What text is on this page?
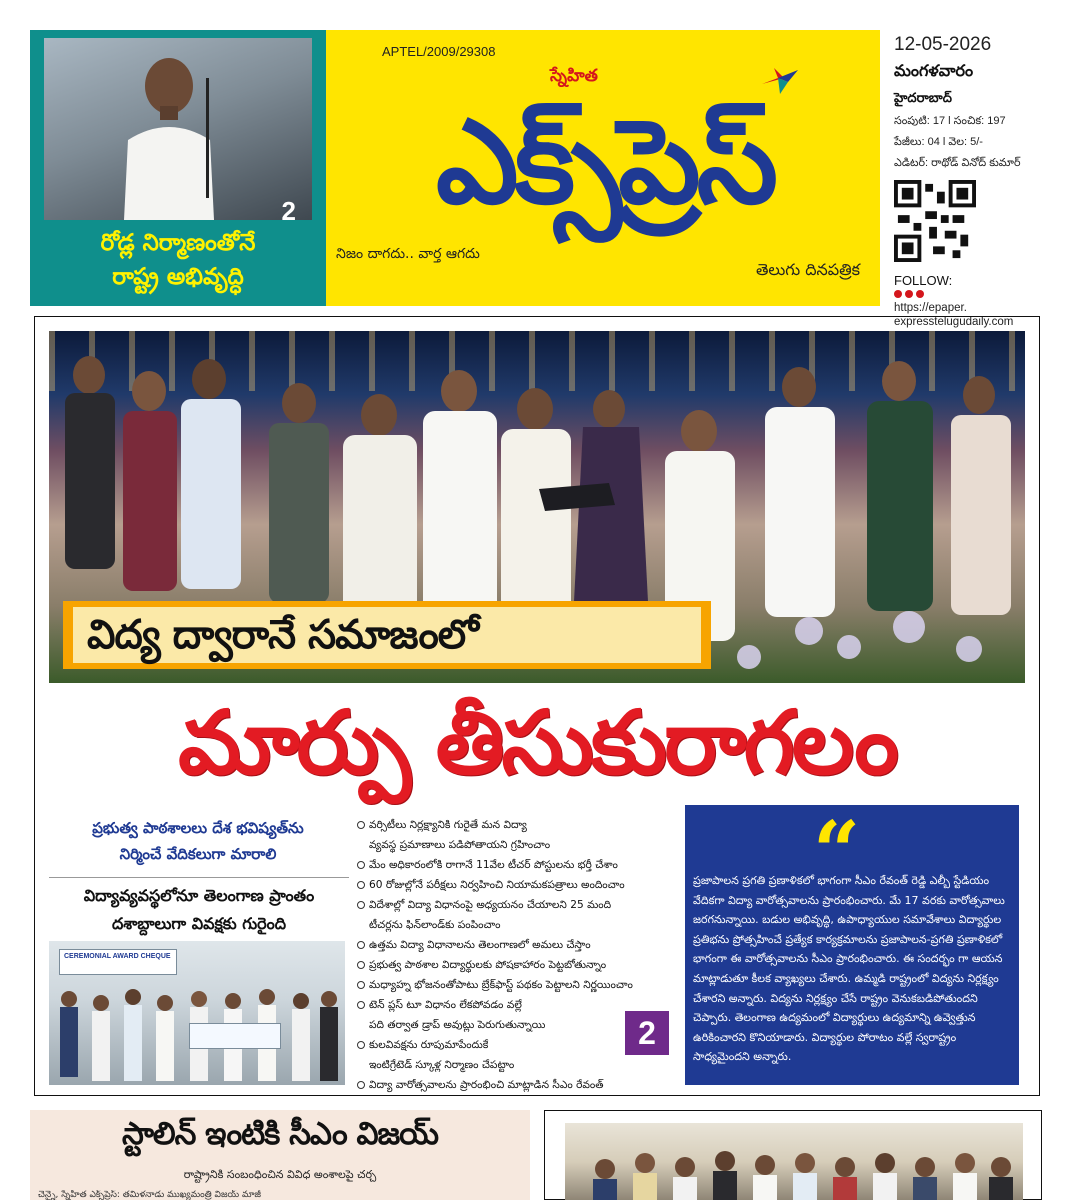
2
రోడ్ల నిర్మాణంతోనే
రాష్ట్ర అభివృద్ధి
APTEL/2009/29308
స్నేహిత
ఎక్స్‌ప్రెస్
నిజం దాగదు.. వార్త ఆగదు
తెలుగు దినపత్రిక
12-05-2026
మంగళవారం
హైదరాబాద్
సంపుటి: 17 l సంచిక: 197
పేజీలు: 04 l వెల: 5/-
ఎడిటర్: రాథోడ్ వినోద్ కుమార్
FOLLOW:
https://epaper.
expresstelugudaily.com
విద్య ద్వారానే సమాజంలో
మార్పు తీసుకురాగలం
ప్రభుత్వ పాఠశాలలు దేశ భవిష్యత్‌ను
నిర్మించే వేదికలుగా మారాలి
విద్యావ్యవస్థలోనూ తెలంగాణ ప్రాంతం
దశాబ్దాలుగా వివక్షకు గురైంది
CEREMONIAL AWARD CHEQUE
వర్సిటీలు నిర్లక్ష్యానికి గురైతే మన విద్యా
వ్యవస్థ ప్రమాణాలు పడిపోతాయని గ్రహించాం
మేం అధికారంలోకి రాగానే 11వేల టీచర్ పోస్టులను భర్తీ చేశాం
60 రోజుల్లోనే పరీక్షలు నిర్వహించి నియామకపత్రాలు అందించాం
విదేశాల్లో విద్యా విధానంపై అధ్యయనం చేయాలని 25 మంది
టీచర్లను ఫిన్‌లాండ్‌కు పంపించాం
ఉత్తమ విద్యా విధానాలను తెలంగాణలో అమలు చేస్తాం
ప్రభుత్వ పాఠశాల విద్యార్థులకు పోషకాహారం పెట్టబోతున్నాం
మధ్యాహ్న భోజనంతోపాటు బ్రేక్‌ఫాస్ట్ పథకం పెట్టాలని నిర్ణయించాం
టెన్ ప్లస్ టూ విధానం లేకపోవడం వల్లే
పది తర్వాత డ్రాప్ అవుట్లు పెరుగుతున్నాయి
కులవివక్షను రూపుమాపేందుకే
ఇంటిగ్రేటెడ్ స్కూళ్ల నిర్మాణం చేపట్టాం
విద్యా వారోత్సవాలను ప్రారంభించి మాట్లాడిన సీఎం రేవంత్
2
“
ప్రజాపాలన ప్రగతి ప్రణాళికలో భాగంగా సీఎం రేవంత్ రెడ్డి ఎల్బీ స్టేడియం వేదికగా విద్యా వారోత్సవాలను ప్రారంభించారు. మే 17 వరకు వారోత్సవాలు జరగనున్నాయి. బడుల అభివృద్ధి, ఉపాధ్యాయుల సమావేశాలు విద్యార్థుల ప్రతిభను ప్రోత్సహించే ప్రత్యేక కార్యక్రమాలను ప్రజాపాలన-ప్రగతి ప్రణాళికలో భాగంగా ఈ వారోత్సవాలను సీఎం ప్రారంభించారు. ఈ సందర్భం గా ఆయన మాట్లాడుతూ కీలక వ్యాఖ్యలు చేశారు. ఉమ్మడి రాష్ట్రంలో విద్యను నిర్లక్ష్యం చేశారని అన్నారు. విద్యను నిర్లక్ష్యం చేసే రాష్ట్రం వెనుకబడిపోతుందని చెప్పారు. తెలంగాణ ఉద్యమంలో విద్యార్థులు ఉద్యమాన్ని ఉవ్వెత్తున ఉరికించారని కొనియాడారు. విద్యార్థుల పోరాటం వల్లే స్వరాష్ట్రం సాధ్యమైందని అన్నారు.
స్టాలిన్ ఇంటికి సీఎం విజయ్
రాష్ట్రానికి సంబంధించిన వివిధ అంశాలపై చర్చ
చెన్నై, స్నేహిత ఎక్స్‌ప్రెస్: తమిళనాడు ముఖ్యమంత్రి విజయ్ మాజీ
